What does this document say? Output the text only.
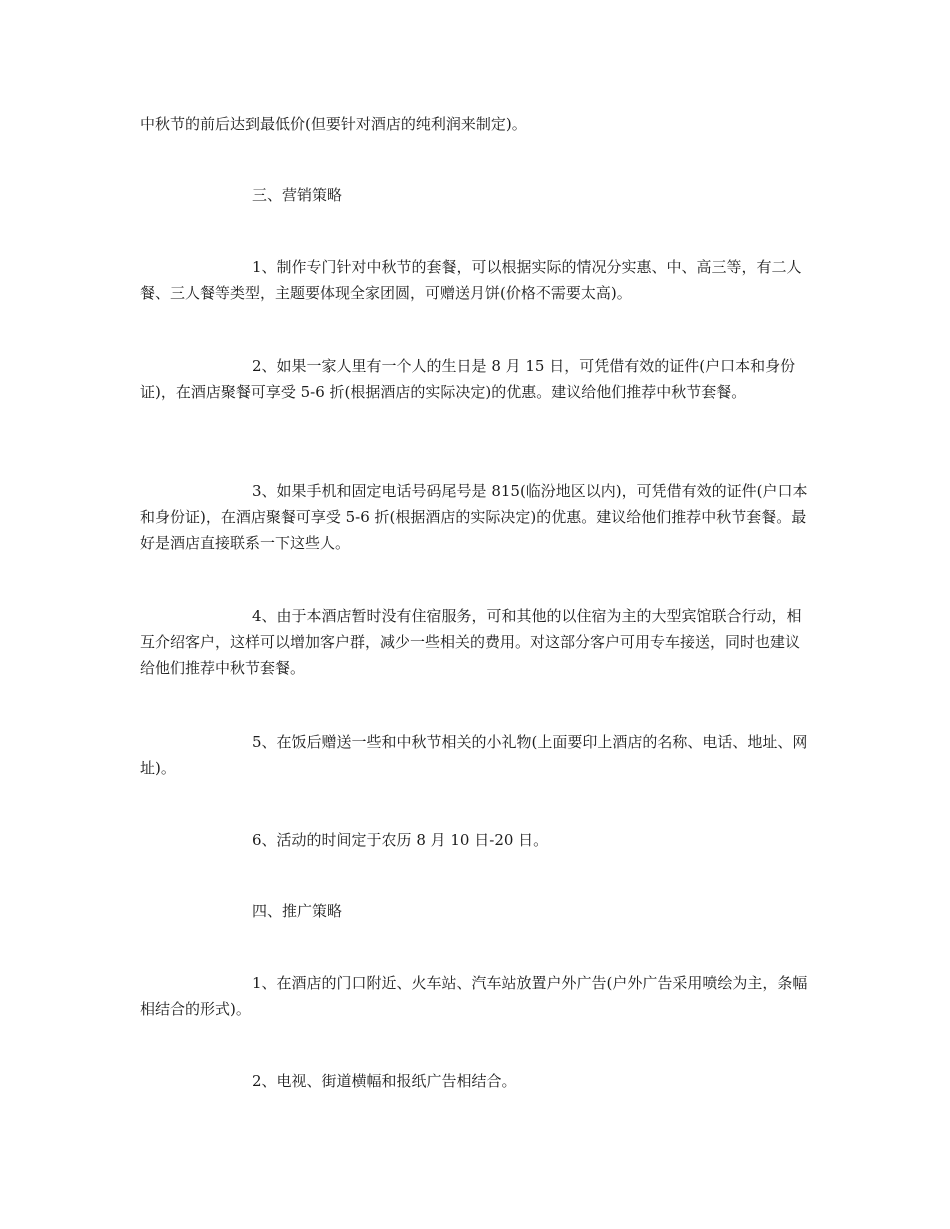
中秋节的前后达到最低价(但要针对酒店的纯利润来制定)。

三、营销策略

1、制作专门针对中秋节的套餐，可以根据实际的情况分实惠、中、高三等，有二人餐、三人餐等类型，主题要体现全家团圆，可赠送月饼(价格不需要太高)。

2、如果一家人里有一个人的生日是 8 月 15 日，可凭借有效的证件(户口本和身份证)，在酒店聚餐可享受 5-6 折(根据酒店的实际决定)的优惠。建议给他们推荐中秋节套餐。

3、如果手机和固定电话号码尾号是 815(临汾地区以内)，可凭借有效的证件(户口本和身份证)，在酒店聚餐可享受 5-6 折(根据酒店的实际决定)的优惠。建议给他们推荐中秋节套餐。最好是酒店直接联系一下这些人。

4、由于本酒店暂时没有住宿服务，可和其他的以住宿为主的大型宾馆联合行动，相互介绍客户，这样可以增加客户群，减少一些相关的费用。对这部分客户可用专车接送，同时也建议给他们推荐中秋节套餐。

5、在饭后赠送一些和中秋节相关的小礼物(上面要印上酒店的名称、电话、地址、网址)。

6、活动的时间定于农历 8 月 10 日-20 日。

四、推广策略

1、在酒店的门口附近、火车站、汽车站放置户外广告(户外广告采用喷绘为主，条幅相结合的形式)。

2、电视、街道横幅和报纸广告相结合。
